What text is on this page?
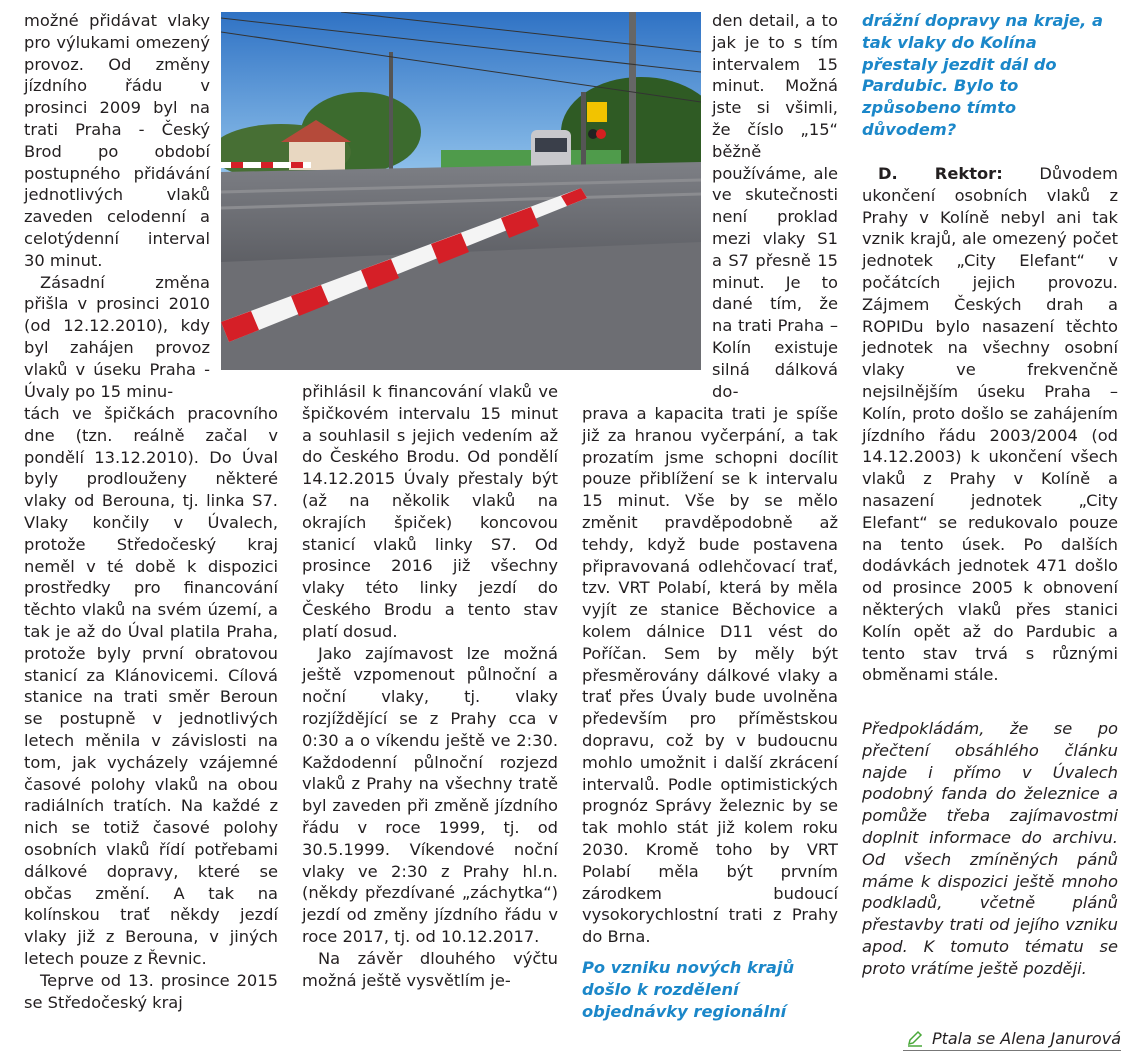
možné přidávat vlaky pro výlukami omezený provoz. Od změny jízdního řádu v prosinci 2009 byl na trati Praha - Český Brod po období postupného přidávání jednotlivých vlaků zaveden celodenní a celotýdenní interval 30 minut.

Zásadní změna přišla v prosinci 2010 (od 12.12.2010), kdy byl zahájen provoz vlaků v úseku Praha - Úvaly po 15 minu-

tách ve špičkách pracovního dne (tzn. reálně začal v pondělí 13.12.2010). Do Úval byly prodlouženy některé vlaky od Berouna, tj. linka S7. Vlaky končily v Úvalech, protože Středočeský kraj neměl v té době k dispozici prostředky pro financování těchto vlaků na svém území, a tak je až do Úval platila Praha, protože byly první obratovou stanicí za Klánovicemi. Cílová stanice na trati směr Beroun se postupně v jednotlivých letech měnila v závislosti na tom, jak vycházely vzájemné časové polohy vlaků na obou radiálních tratích. Na každé z nich se totiž časové polohy osobních vlaků řídí potřebami dálkové dopravy, které se občas změní. A tak na kolínskou trať někdy jezdí vlaky již z Berouna, v jiných letech pouze z Řevnic.

Teprve od 13. prosince 2015 se Středočeský kraj

přihlásil k financování vlaků ve špičkovém intervalu 15 minut a souhlasil s jejich vedením až do Českého Brodu. Od pondělí 14.12.2015 Úvaly přestaly být (až na několik vlaků na okrajích špiček) koncovou stanicí vlaků linky S7. Od prosince 2016 již všechny vlaky této linky jezdí do Českého Brodu a tento stav platí dosud.

Jako zajímavost lze možná ještě vzpomenout půlnoční a noční vlaky, tj. vlaky rozjíždějící se z Prahy cca v 0:30 a o víkendu ještě ve 2:30. Každodenní půlnoční rozjezd vlaků z Prahy na všechny tratě byl zaveden při změně jízdního řádu v roce 1999, tj. od 30.5.1999. Víkendové noční vlaky ve 2:30 z Prahy hl.n. (někdy přezdívané „záchytka“) jezdí od změny jízdního řádu v roce 2017, tj. od 10.12.2017.

Na závěr dlouhého výčtu možná ještě vysvětlím je-

den detail, a to jak je to s tím intervalem 15 minut. Možná jste si všimli, že číslo „15“ běžně používáme, ale ve skutečnosti není proklad mezi vlaky S1 a S7 přesně 15 minut. Je to dané tím, že na trati Praha – Kolín existuje silná dálková do-

prava a kapacita trati je spíše již za hranou vyčerpání, a tak prozatím jsme schopni docílit pouze přiblížení se k intervalu 15 minut. Vše by se mělo změnit pravděpodobně až tehdy, když bude postavena připravovaná odlehčovací trať, tzv. VRT Polabí, která by měla vyjít ze stanice Běchovice a kolem dálnice D11 vést do Poříčan. Sem by měly být přesměrovány dálkové vlaky a trať přes Úvaly bude uvolněna především pro příměstskou dopravu, což by v budoucnu mohlo umožnit i další zkrácení intervalů. Podle optimistických prognóz Správy železnic by se tak mohlo stát již kolem roku 2030. Kromě toho by VRT Polabí měla být prvním zárodkem budoucí vysokorychlostní trati z Prahy do Brna.

Po vzniku nových krajů došlo k rozdělení objednávky regionální

drážní dopravy na kraje, a tak vlaky do Kolína přestaly jezdit dál do Pardubic. Bylo to způsobeno tímto důvodem?

D. Rektor: Důvodem ukončení osobních vlaků z Prahy v Kolíně nebyl ani tak vznik krajů, ale omezený počet jednotek „City Elefant“ v počátcích jejich provozu. Zájmem Českých drah a ROPIDu bylo nasazení těchto jednotek na všechny osobní vlaky ve frekvenčně nejsilnějším úseku Praha – Kolín, proto došlo se zahájením jízdního řádu 2003/2004 (od 14.12.2003) k ukončení všech vlaků z Prahy v Kolíně a nasazení jednotek „City Elefant“ se redukovalo pouze na tento úsek. Po dalších dodávkách jednotek 471 došlo od prosince 2005 k obnovení některých vlaků přes stanici Kolín opět až do Pardubic a tento stav trvá s různými obměnami stále.

Předpokládám, že se po přečtení obsáhlého článku najde i přímo v Úvalech podobný fanda do železnice a pomůže třeba zajímavostmi doplnit informace do archivu. Od všech zmíněných pánů máme k dispozici ještě mnoho podkladů, včetně plánů přestavby trati od jejího vzniku apod. K tomuto tématu se proto vrátíme ještě později.

Ptala se Alena Janurová
